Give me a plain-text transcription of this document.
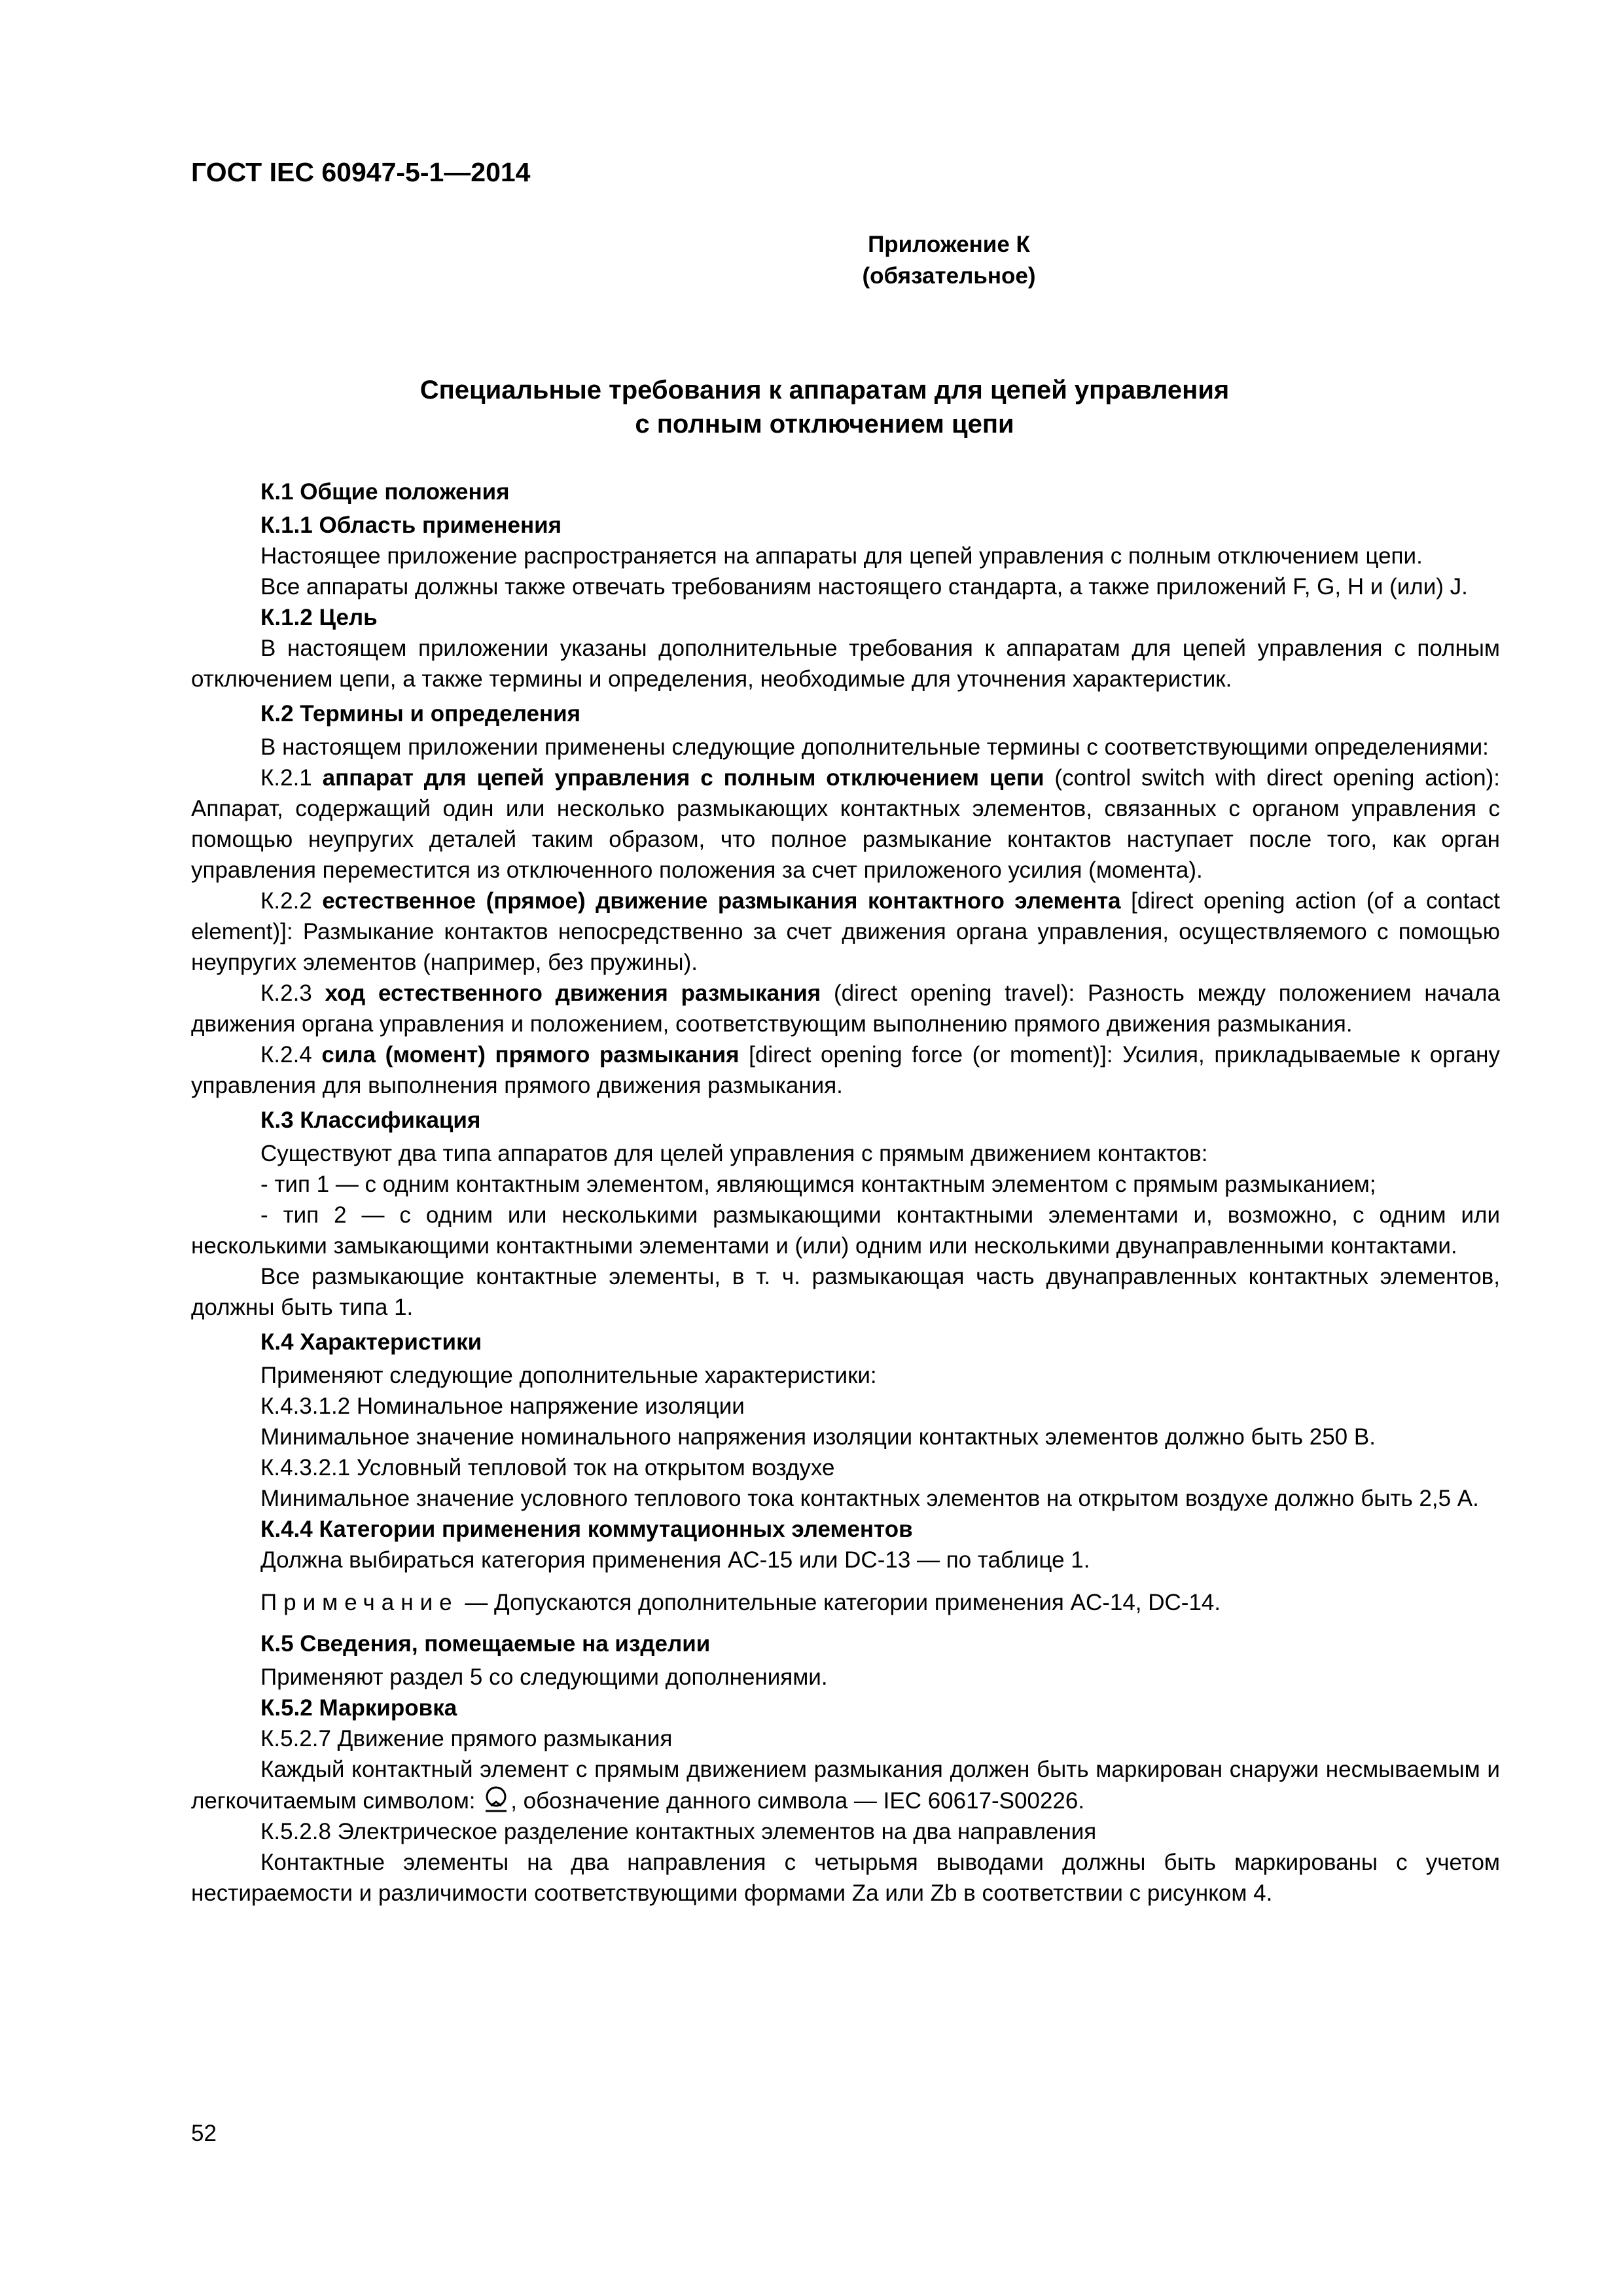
ГОСТ IEC 60947-5-1—2014
Приложение К
(обязательное)
Специальные требования к аппаратам для цепей управления
с полным отключением цепи
К.1 Общие положения
К.1.1 Область применения

Настоящее приложение распространяется на аппараты для цепей управления с полным отключением цепи.

Все аппараты должны также отвечать требованиям настоящего стандарта, а также приложений F, G, H и (или) J.

К.1.2 Цель

В настоящем приложении указаны дополнительные требования к аппаратам для цепей управления с полным отключением цепи, а также термины и определения, необходимые для уточнения характеристик.

К.2 Термины и определения

В настоящем приложении применены следующие дополнительные термины с соответствующими определениями:

К.2.1 аппарат для цепей управления с полным отключением цепи (control switch with direct opening action): Аппарат, содержащий один или несколько размыкающих контактных элементов, связанных с органом управления с помощью неупругих деталей таким образом, что полное размыкание контактов наступает после того, как орган управления переместится из отключенного положения за счет приложеного усилия (момента).

К.2.2 естественное (прямое) движение размыкания контактного элемента [direct opening action (of a contact element)]: Размыкание контактов непосредственно за счет движения органа управления, осуществляемого с помощью неупругих элементов (например, без пружины).

К.2.3 ход естественного движения размыкания (direct opening travel): Разность между положением начала движения органа управления и положением, соответствующим выполнению прямого движения размыкания.

К.2.4 сила (момент) прямого размыкания [direct opening force (or moment)]: Усилия, прикладываемые к органу управления для выполнения прямого движения размыкания.

К.3 Классификация

Существуют два типа аппаратов для целей управления с прямым движением контактов:

- тип 1 — с одним контактным элементом, являющимся контактным элементом с прямым размыканием;

- тип 2 — с одним или несколькими размыкающими контактными элементами и, возможно, с одним или несколькими замыкающими контактными элементами и (или) одним или несколькими двунаправленными контактами.

Все размыкающие контактные элементы, в т. ч. размыкающая часть двунаправленных контактных элементов, должны быть типа 1.

К.4 Характеристики
Применяют следующие дополнительные характеристики:
К.4.3.1.2 Номинальное напряжение изоляции

Минимальное значение номинального напряжения изоляции контактных элементов должно быть 250 В.

К.4.3.2.1 Условный тепловой ток на открытом воздухе

Минимальное значение условного теплового тока контактных элементов на открытом воздухе должно быть 2,5 А.

К.4.4 Категории применения коммутационных элементов
Должна выбираться категория применения AC-15 или DC-13 — по таблице 1.
Примечание — Допускаются дополнительные категории применения AC-14, DC-14.
К.5 Сведения, помещаемые на изделии
Применяют раздел 5 со следующими дополнениями.
К.5.2 Маркировка
К.5.2.7 Движение прямого размыкания

Каждый контактный элемент с прямым движением размыкания должен быть маркирован снаружи несмываемым и легкочитаемым символом: , обозначение данного символа — IEC 60617-S00226.

К.5.2.8 Электрическое разделение контактных элементов на два направления

Контактные элементы на два направления с четырьмя выводами должны быть маркированы с учетом нестираемости и различимости соответствующими формами Za или Zb в соответствии с рисунком 4.

52
